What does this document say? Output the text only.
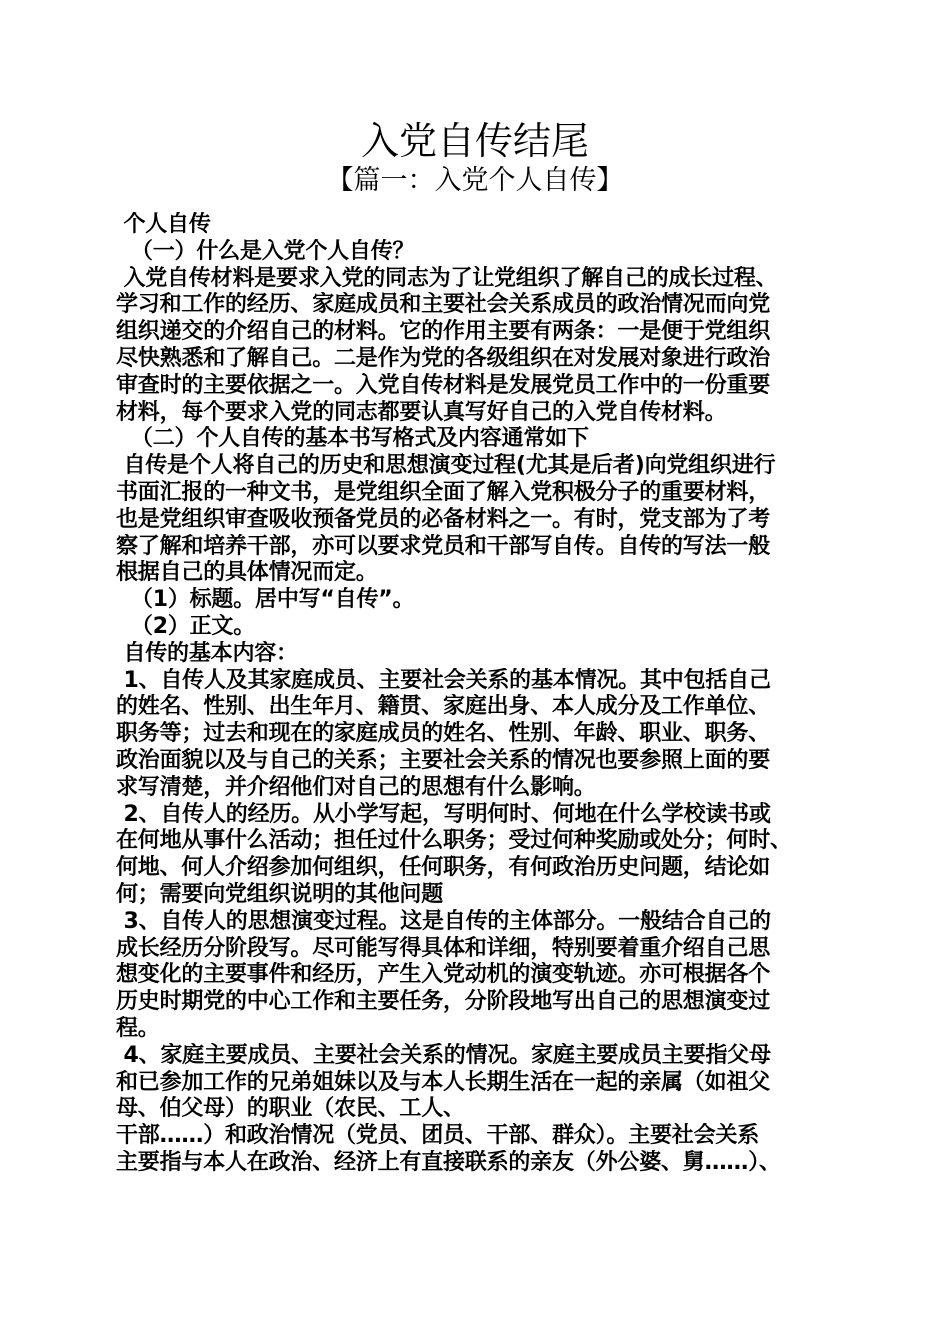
入党自传结尾
【篇一：入党个人自传】
个人自传
（一）什么是入党个人自传？
入党自传材料是要求入党的同志为了让党组织了解自己的成长过程、
学习和工作的经历、家庭成员和主要社会关系成员的政治情况而向党
组织递交的介绍自己的材料。它的作用主要有两条：一是便于党组织
尽快熟悉和了解自己。二是作为党的各级组织在对发展对象进行政治
审查时的主要依据之一。入党自传材料是发展党员工作中的一份重要
材料，每个要求入党的同志都要认真写好自己的入党自传材料。
（二）个人自传的基本书写格式及内容通常如下
自传是个人将自己的历史和思想演变过程(尤其是后者)向党组织进行
书面汇报的一种文书，是党组织全面了解入党积极分子的重要材料，
也是党组织审查吸收预备党员的必备材料之一。有时，党支部为了考
察了解和培养干部，亦可以要求党员和干部写自传。自传的写法一般
根据自己的具体情况而定。
（1）标题。居中写“自传”。
（2）正文。
自传的基本内容：
1、自传人及其家庭成员、主要社会关系的基本情况。其中包括自己
的姓名、性别、出生年月、籍贯、家庭出身、本人成分及工作单位、
职务等；过去和现在的家庭成员的姓名、性别、年龄、职业、职务、
政治面貌以及与自己的关系；主要社会关系的情况也要参照上面的要
求写清楚，并介绍他们对自己的思想有什么影响。
2、自传人的经历。从小学写起，写明何时、何地在什么学校读书或
在何地从事什么活动；担任过什么职务；受过何种奖励或处分；何时、
何地、何人介绍参加何组织，任何职务，有何政治历史问题，结论如
何；需要向党组织说明的其他问题
3、自传人的思想演变过程。这是自传的主体部分。一般结合自己的
成长经历分阶段写。尽可能写得具体和详细，特别要着重介绍自己思
想变化的主要事件和经历，产生入党动机的演变轨迹。亦可根据各个
历史时期党的中心工作和主要任务，分阶段地写出自己的思想演变过
程。
4、家庭主要成员、主要社会关系的情况。家庭主要成员主要指父母
和已参加工作的兄弟姐妹以及与本人长期生活在一起的亲属（如祖父
母、伯父母）的职业（农民、工人、
干部……）和政治情况（党员、团员、干部、群众）。主要社会关系
主要指与本人在政治、经济上有直接联系的亲友（外公婆、舅……）、
